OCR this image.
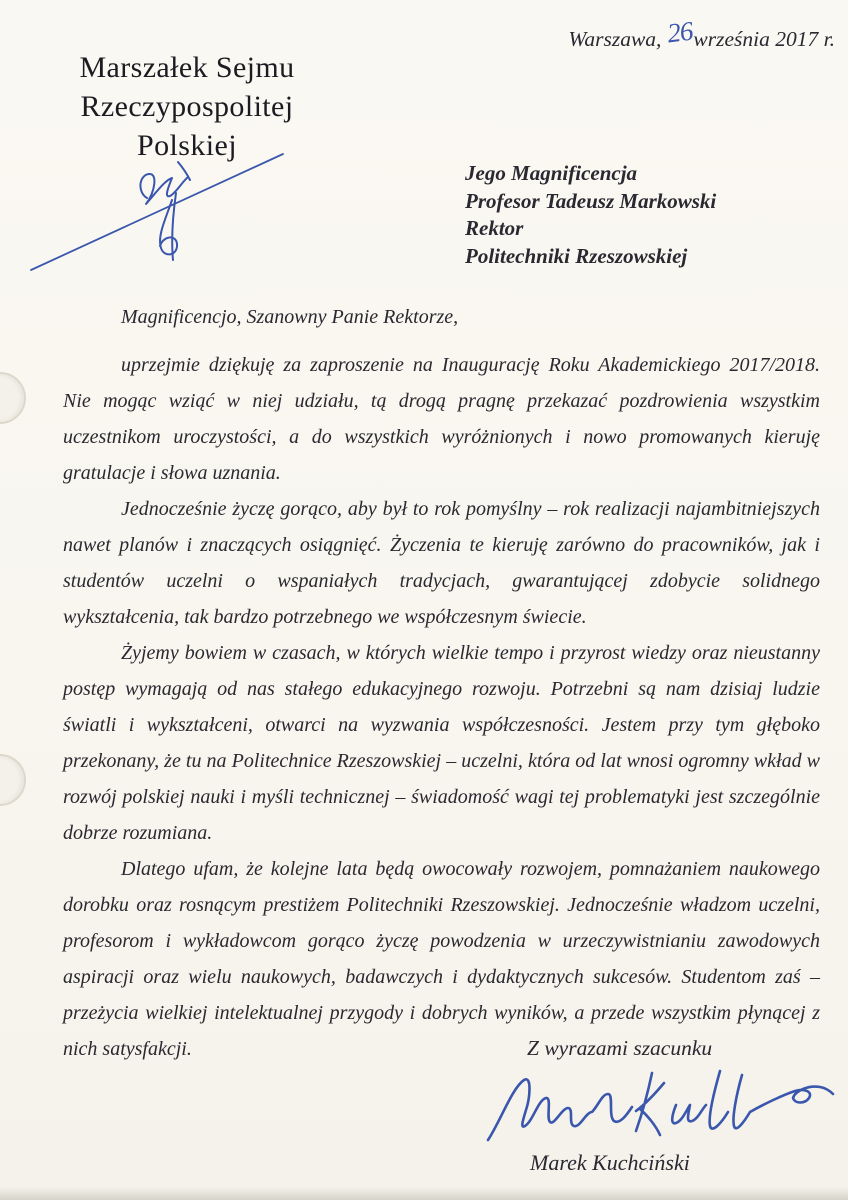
Warszawa, 26września 2017 r.
Marszałek Sejmu
Rzeczypospolitej Polskiej
Jego Magnificencja
Profesor Tadeusz Markowski
Rektor
Politechniki Rzeszowskiej

Magnificencjo, Szanowny Panie Rektorze,

uprzejmie dziękuję za zaproszenie na Inaugurację Roku Akademickiego 2017/2018. Nie mogąc wziąć w niej udziału, tą drogą pragnę przekazać pozdrowienia wszystkim uczestnikom uroczystości, a do wszystkich wyróżnionych i nowo promowanych kieruję gratulacje i słowa uznania.

Jednocześnie życzę gorąco, aby był to rok pomyślny – rok realizacji najambitniejszych nawet planów i znaczących osiągnięć. Życzenia te kieruję zarówno do pracowników, jak i studentów uczelni o wspaniałych tradycjach, gwarantującej zdobycie solidnego wykształcenia, tak bardzo potrzebnego we współczesnym świecie.

Żyjemy bowiem w czasach, w których wielkie tempo i przyrost wiedzy oraz nieustanny postęp wymagają od nas stałego edukacyjnego rozwoju. Potrzebni są nam dzisiaj ludzie światli i wykształceni, otwarci na wyzwania współczesności. Jestem przy tym głęboko przekonany, że tu na Politechnice Rzeszowskiej – uczelni, która od lat wnosi ogromny wkład w rozwój polskiej nauki i myśli technicznej – świadomość wagi tej problematyki jest szczególnie dobrze rozumiana.

Dlatego ufam, że kolejne lata będą owocowały rozwojem, pomnażaniem naukowego dorobku oraz rosnącym prestiżem Politechniki Rzeszowskiej. Jednocześnie władzom uczelni, profesorom i wykładowcom gorąco życzę powodzenia w urzeczywistnianiu zawodowych aspiracji oraz wielu naukowych, badawczych i dydaktycznych sukcesów. Studentom zaś – przeżycia wielkiej intelektualnej przygody i dobrych wyników, a przede wszystkim płynącej z nich satysfakcji.	Z wyrazami szacunku
Marek Kuchciński
